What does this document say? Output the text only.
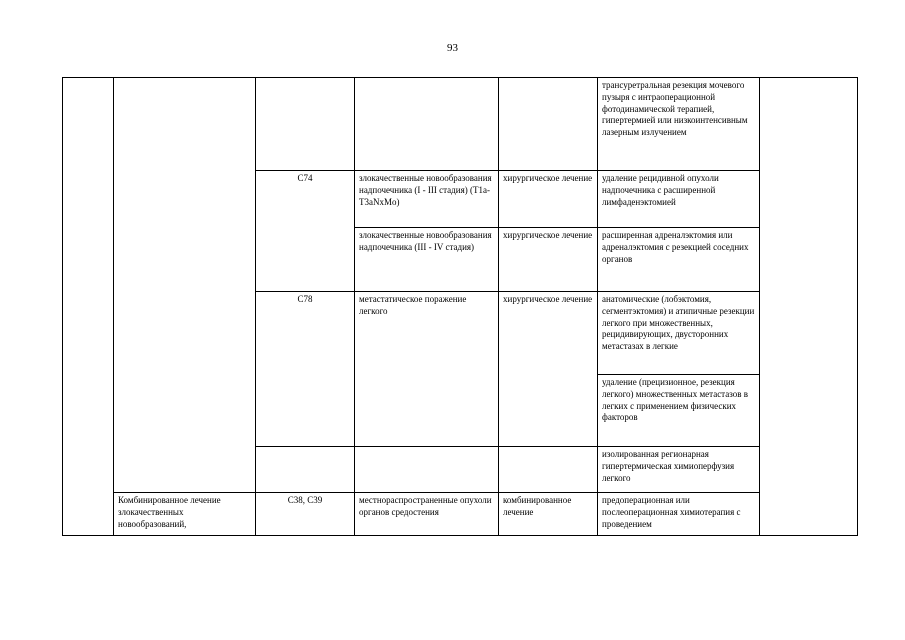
93
					трансуретральная резекция мочевого пузыря с интраоперационной фотодинамической терапией, гипертермией или низкоинтенсивным лазерным излучением	
		C74	злокачественные новообразования надпочечника (I - III стадия) (T1a-T3aNxMo)	хирургическое лечение	удаление рецидивной опухоли надпочечника с расширенной лимфаденэктомией	
			злокачественные новообразования надпочечника (III - IV стадия)	хирургическое лечение	расширенная адреналэктомия или адреналэктомия с резекцией соседних органов	
		C78	метастатическое поражение легкого	хирургическое лечение	анатомические (лобэктомия, сегментэктомия) и атипичные резекции легкого при множественных, рецидивирующих, двусторонних метастазах в легкие	
					удаление (прецизионное, резекция легкого) множественных метастазов в легких с применением физических факторов	
					изолированная регионарная гипертермическая химиоперфузия легкого	
	Комбинированное лечение злокачественных новообразований,	C38, C39	местнораспространенные опухоли органов средостения	комбинированное лечение	предоперационная или послеоперационная химиотерапия с проведением	
